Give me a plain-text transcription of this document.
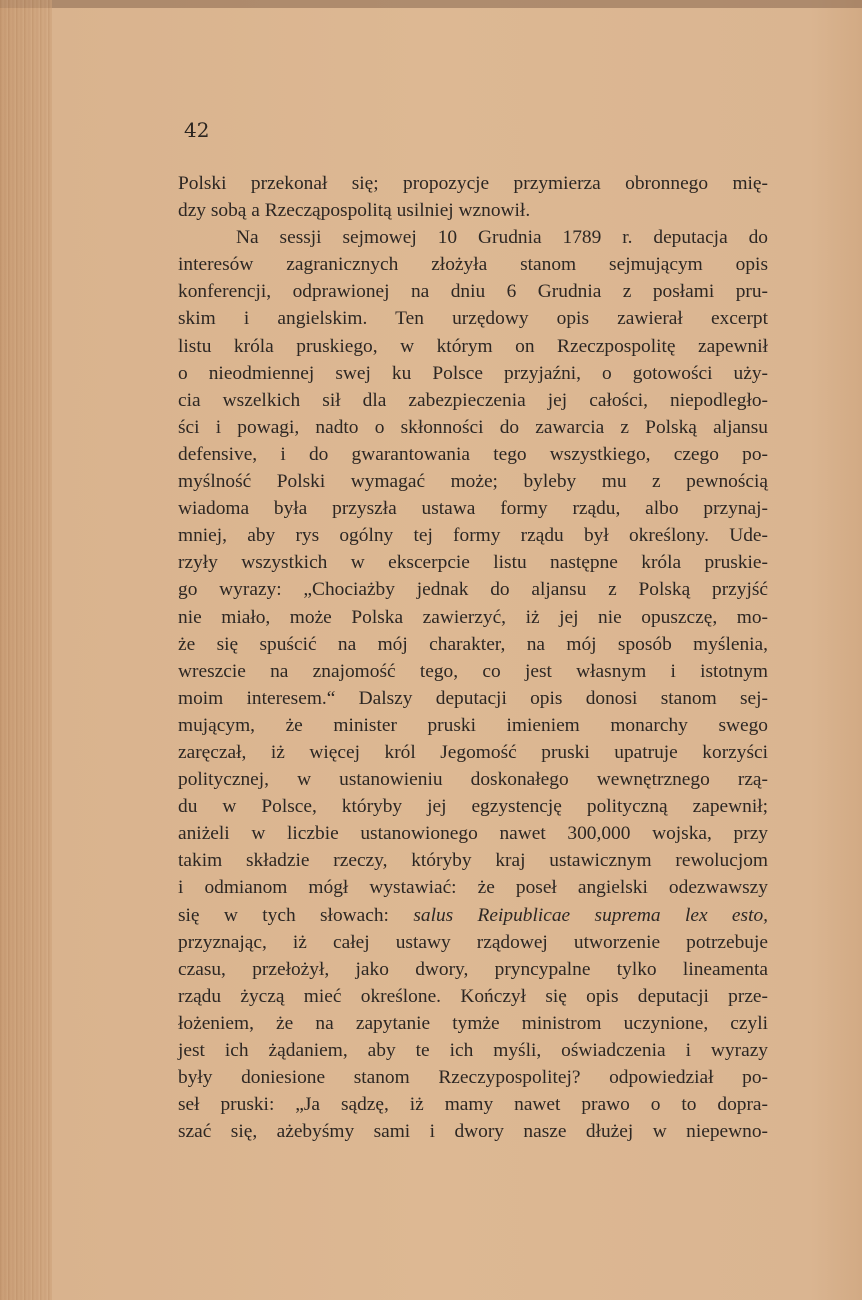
42
Polski przekonał się; propozycje przymierza obronnego mię-
dzy sobą a Rzecząpospolitą usilniej wznowił.
Na sessji sejmowej 10 Grudnia 1789 r. deputacja do
interesów zagranicznych złożyła stanom sejmującym opis
konferencji, odprawionej na dniu 6 Grudnia z posłami pru-
skim i angielskim. Ten urzędowy opis zawierał excerpt
listu króla pruskiego, w którym on Rzeczpospolitę zapewnił
o nieodmiennej swej ku Polsce przyjaźni, o gotowości uży-
cia wszelkich sił dla zabezpieczenia jej całości, niepodległo-
ści i powagi, nadto o skłonności do zawarcia z Polską aljansu
defensive, i do gwarantowania tego wszystkiego, czego po-
myślność Polski wymagać może; byleby mu z pewnością
wiadoma była przyszła ustawa formy rządu, albo przynaj-
mniej, aby rys ogólny tej formy rządu był określony. Ude-
rzyły wszystkich w ekscerpcie listu następne króla pruskie-
go wyrazy: „Chociażby jednak do aljansu z Polską przyjść
nie miało, może Polska zawierzyć, iż jej nie opuszczę, mo-
że się spuścić na mój charakter, na mój sposób myślenia,
wreszcie na znajomość tego, co jest własnym i istotnym
moim interesem.“ Dalszy deputacji opis donosi stanom sej-
mującym, że minister pruski imieniem monarchy swego
zaręczał, iż więcej król Jegomość pruski upatruje korzyści
politycznej, w ustanowieniu doskonałego wewnętrznego rzą-
du w Polsce, któryby jej egzystencję polityczną zapewnił;
aniżeli w liczbie ustanowionego nawet 300,000 wojska, przy
takim składzie rzeczy, któryby kraj ustawicznym rewolucjom
i odmianom mógł wystawiać: że poseł angielski odezwawszy
się w tych słowach: salus Reipublicae suprema lex esto,
przyznając, iż całej ustawy rządowej utworzenie potrzebuje
czasu, przełożył, jako dwory, pryncypalne tylko lineamenta
rządu życzą mieć określone. Kończył się opis deputacji prze-
łożeniem, że na zapytanie tymże ministrom uczynione, czyli
jest ich żądaniem, aby te ich myśli, oświadczenia i wyrazy
były doniesione stanom Rzeczypospolitej? odpowiedział po-
seł pruski: „Ja sądzę, iż mamy nawet prawo o to dopra-
szać się, ażebyśmy sami i dwory nasze dłużej w niepewno-
